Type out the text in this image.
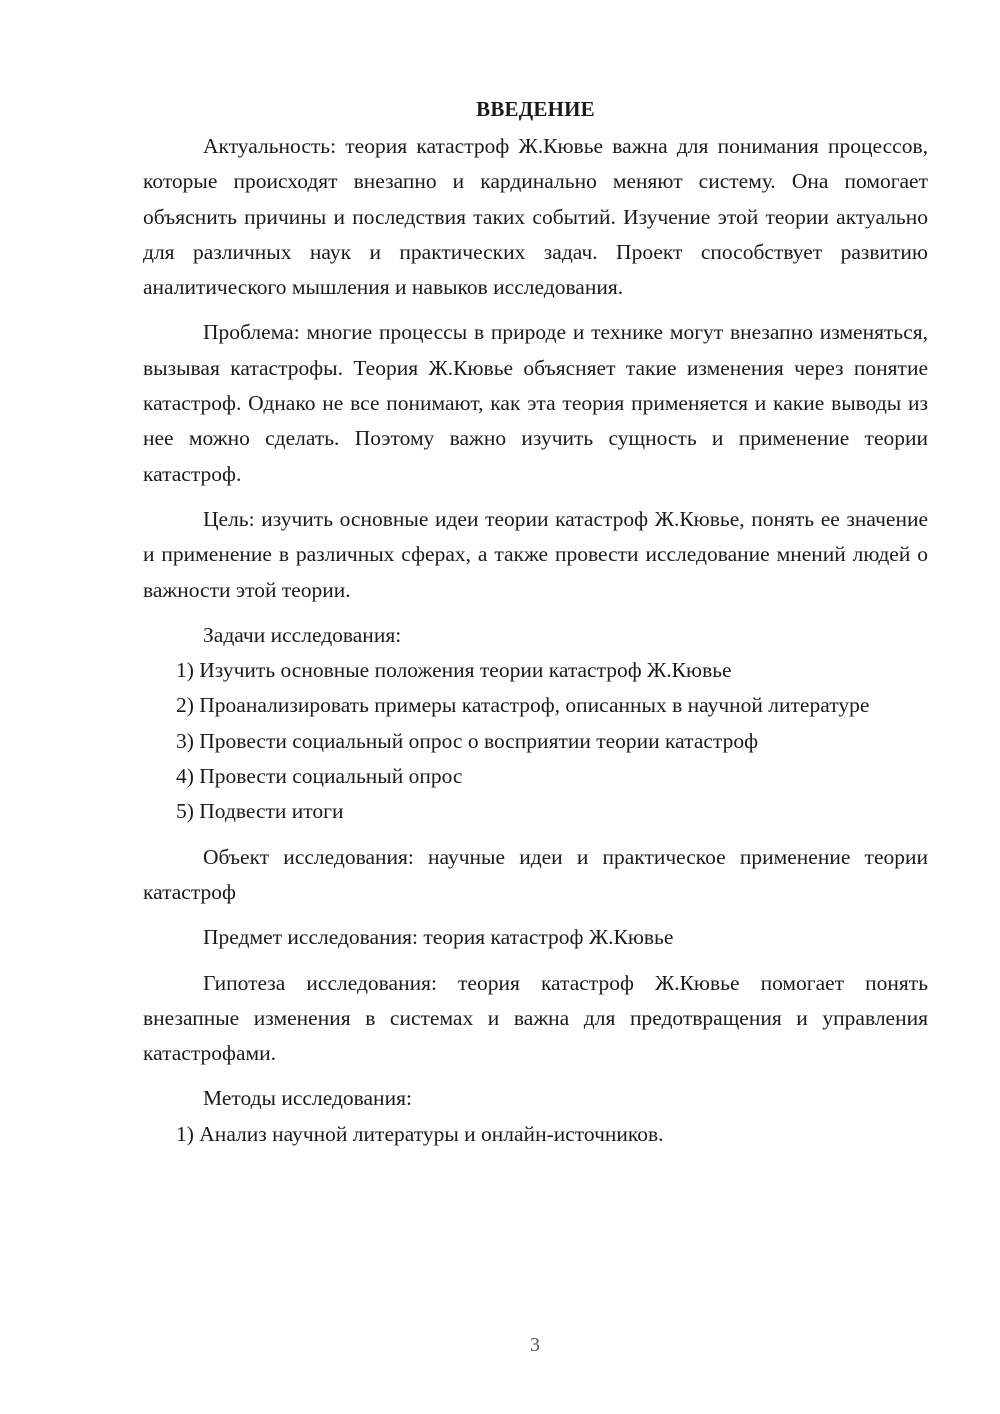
ВВЕДЕНИЕ

Актуальность: теория катастроф Ж.Кювье важна для понимания процессов, которые происходят внезапно и кардинально меняют систему. Она помогает объяснить причины и последствия таких событий. Изучение этой теории актуально для различных наук и практических задач. Проект способствует развитию аналитического мышления и навыков исследования.

Проблема: многие процессы в природе и технике могут внезапно изменяться, вызывая катастрофы. Теория Ж.Кювье объясняет такие изменения через понятие катастроф. Однако не все понимают, как эта теория применяется и какие выводы из нее можно сделать. Поэтому важно изучить сущность и применение теории катастроф.

Цель: изучить основные идеи теории катастроф Ж.Кювье, понять ее значение и применение в различных сферах, а также провести исследование мнений людей о важности этой теории.

Задачи исследования:

1) Изучить основные положения теории катастроф Ж.Кювье

2) Проанализировать примеры катастроф, описанных в научной литературе

3) Провести социальный опрос о восприятии теории катастроф

4) Провести социальный опрос

5) Подвести итоги

Объект исследования: научные идеи и практическое применение теории катастроф

Предмет исследования: теория катастроф Ж.Кювье

Гипотеза исследования: теория катастроф Ж.Кювье помогает понять внезапные изменения в системах и важна для предотвращения и управления катастрофами.

Методы исследования:

1) Анализ научной литературы и онлайн-источников.

3
